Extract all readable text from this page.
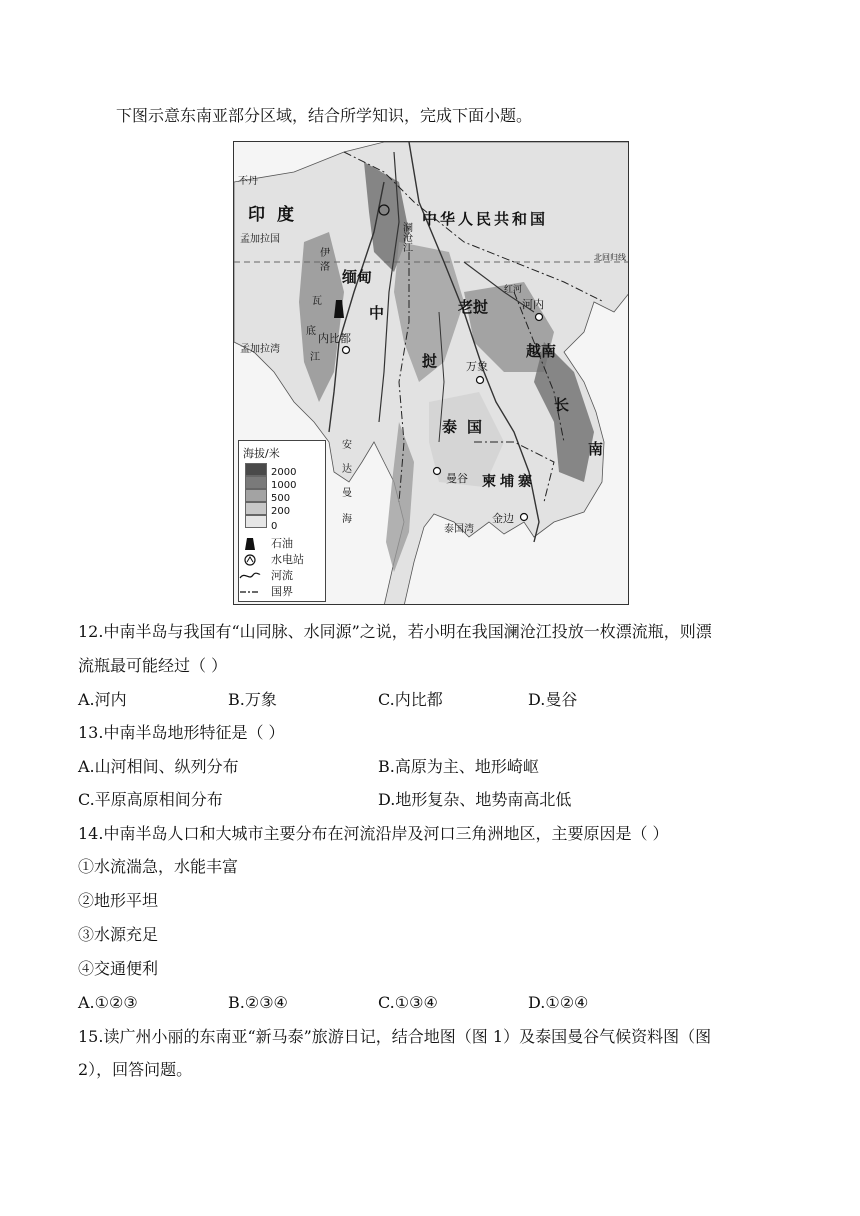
下图示意东南亚部分区域，结合所学知识，完成下面小题。
不丹
印度	中华人民共和国
北回归线
缅甸
中
内比都
伊
洛
瓦
底
江
孟加拉湾
孟加拉国	澜沧江
老挝
挝	万象
河内
越南
南
泰国
曼谷 柬埔寨
金边
泰国湾
安
达
曼
海
长
红河
海拔/米
2000
1000
500
200
0
石油
水电站
河流
国界
12.中南半岛与我国有“山同脉、水同源”之说，若小明在我国澜沧江投放一枚漂流瓶，则漂
流瓶最可能经过（ ）
A.河内	B.万象	C.内比都	D.曼谷
13.中南半岛地形特征是（ ）
A.山河相间、纵列分布	B.高原为主、地形崎岖
C.平原高原相间分布	D.地形复杂、地势南高北低
14.中南半岛人口和大城市主要分布在河流沿岸及河口三角洲地区，主要原因是（ ）
①水流湍急，水能丰富
②地形平坦
③水源充足
④交通便利
A.①②③	B.②③④	C.①③④	D.①②④
15.读广州小丽的东南亚“新马泰”旅游日记，结合地图（图 1）及泰国曼谷气候资料图（图
2），回答问题。
